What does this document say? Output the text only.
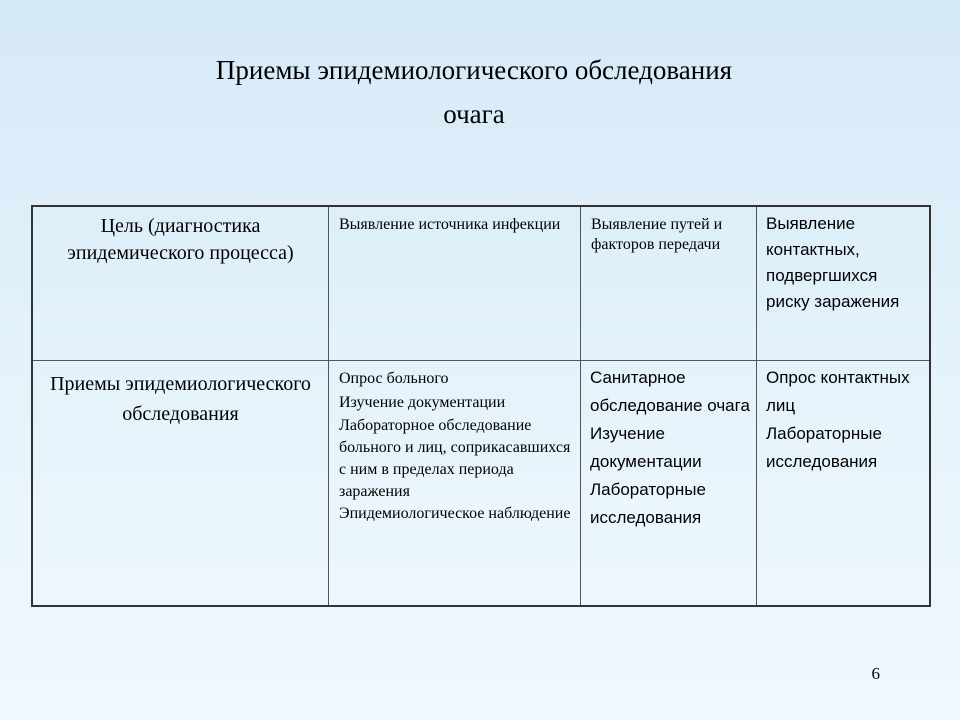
Приемы эпидемиологического обследования
очага
Цель (диагностика эпидемического процесса)
Выявление источника инфекции	Выявление путей и факторов передачи
Выявление контактных, подвергшихся риску заражения
Приемы эпидемиологического обследования
Опрос больного
Изучение документации
Лабораторное обследование больного и лиц, соприкасавшихся с ним в пределах периода заражения
Эпидемиологическое наблюдение
Санитарное обследование очага
Изучение документации
Лабораторные исследования
Опрос контактных лиц
Лабораторные исследования
6
